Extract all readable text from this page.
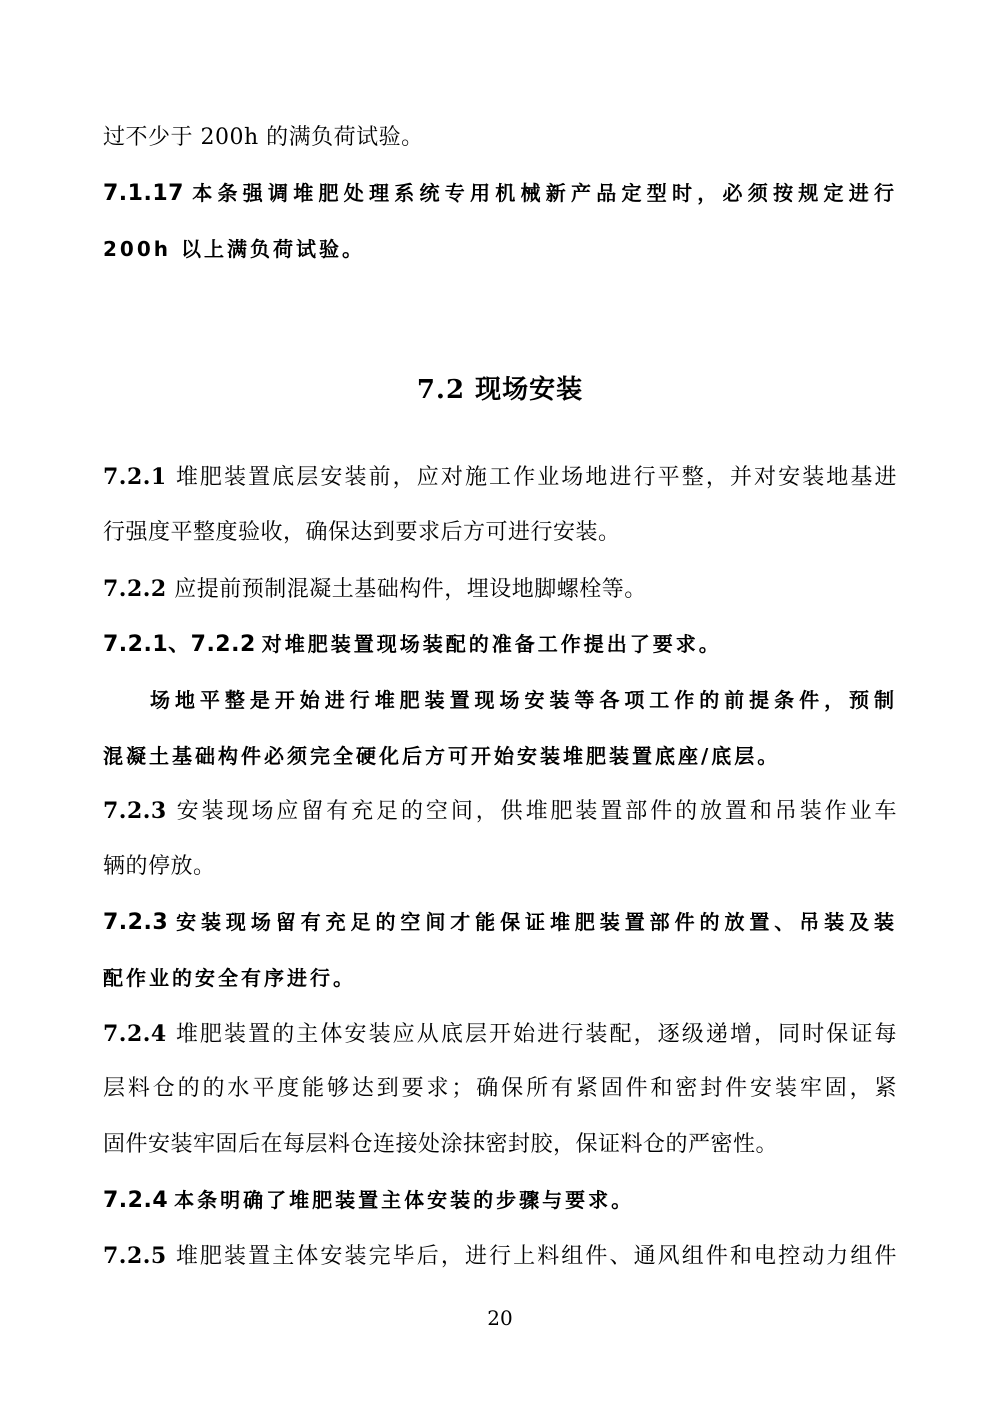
过不少于 200h 的满负荷试验。
7.1.17 本条强调堆肥处理系统专用机械新产品定型时，必须按规定进行
200h 以上满负荷试验。
7.2 现场安装
7.2.1 堆肥装置底层安装前，应对施工作业场地进行平整，并对安装地基进
行强度平整度验收，确保达到要求后方可进行安装。
7.2.2 应提前预制混凝土基础构件，埋设地脚螺栓等。
7.2.1、7.2.2 对堆肥装置现场装配的准备工作提出了要求。
场地平整是开始进行堆肥装置现场安装等各项工作的前提条件，预制
混凝土基础构件必须完全硬化后方可开始安装堆肥装置底座/底层。
7.2.3 安装现场应留有充足的空间，供堆肥装置部件的放置和吊装作业车
辆的停放。
7.2.3 安装现场留有充足的空间才能保证堆肥装置部件的放置、吊装及装
配作业的安全有序进行。
7.2.4 堆肥装置的主体安装应从底层开始进行装配，逐级递增，同时保证每
层料仓的的水平度能够达到要求；确保所有紧固件和密封件安装牢固，紧
固件安装牢固后在每层料仓连接处涂抹密封胶，保证料仓的严密性。
7.2.4 本条明确了堆肥装置主体安装的步骤与要求。
7.2.5 堆肥装置主体安装完毕后，进行上料组件、通风组件和电控动力组件
20
